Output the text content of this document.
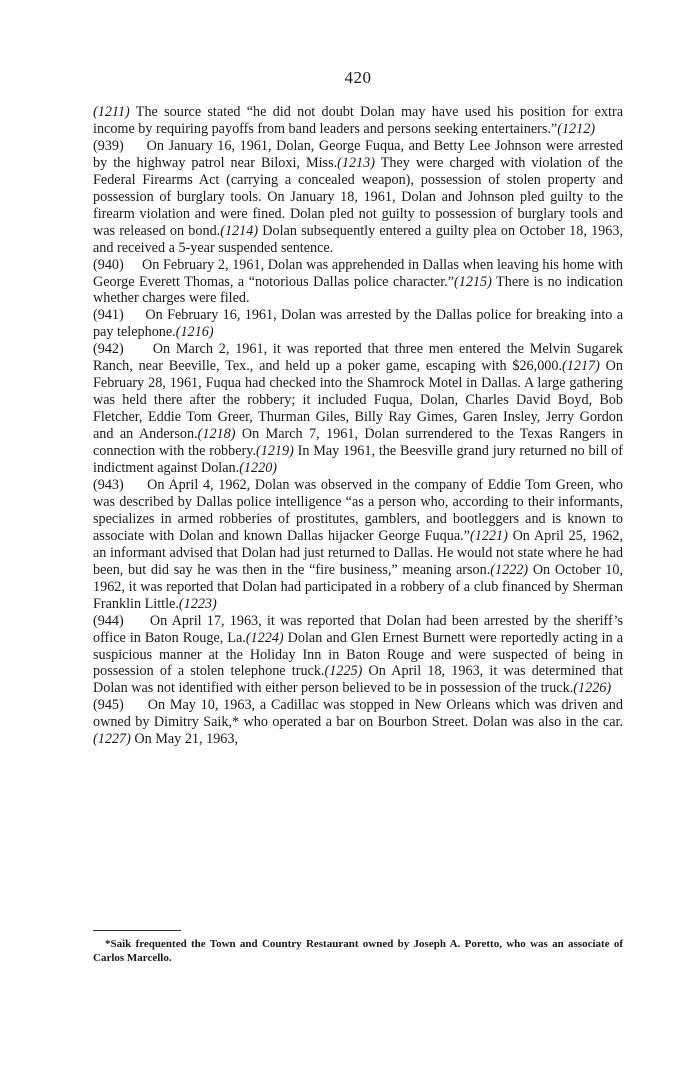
420

(1211) The source stated “he did not doubt Dolan may have used his position for extra income by requiring payoffs from band leaders and persons seeking entertainers.”(1212)

(939)     On January 16, 1961, Dolan, George Fuqua, and Betty Lee Johnson were arrested by the highway patrol near Biloxi, Miss.(1213) They were charged with violation of the Federal Firearms Act (carrying a concealed weapon), possession of stolen property and possession of burglary tools. On January 18, 1961, Dolan and Johnson pled guilty to the firearm violation and were fined. Dolan pled not guilty to possession of burglary tools and was released on bond.(1214) Dolan subsequently entered a guilty plea on October 18, 1963, and received a 5-year suspended sentence.

(940)     On February 2, 1961, Dolan was apprehended in Dallas when leaving his home with George Everett Thomas, a “notorious Dallas police character.”(1215) There is no indication whether charges were filed.

(941)     On February 16, 1961, Dolan was arrested by the Dallas police for breaking into a pay telephone.(1216)

(942)     On March 2, 1961, it was reported that three men entered the Melvin Sugarek Ranch, near Beeville, Tex., and held up a poker game, escaping with $26,000.(1217) On February 28, 1961, Fuqua had checked into the Shamrock Motel in Dallas. A large gathering was held there after the robbery; it included Fuqua, Dolan, Charles David Boyd, Bob Fletcher, Eddie Tom Greer, Thurman Giles, Billy Ray Gimes, Garen Insley, Jerry Gordon and an Anderson.(1218) On March 7, 1961, Dolan surrendered to the Texas Rangers in connection with the robbery.(1219) In May 1961, the Beesville grand jury returned no bill of indictment against Dolan.(1220)

(943)     On April 4, 1962, Dolan was observed in the company of Eddie Tom Green, who was described by Dallas police intelligence “as a person who, according to their informants, specializes in armed robberies of prostitutes, gamblers, and bootleggers and is known to associate with Dolan and known Dallas hijacker George Fuqua.”(1221) On April 25, 1962, an informant advised that Dolan had just returned to Dallas. He would not state where he had been, but did say he was then in the “fire business,” meaning arson.(1222) On October 10, 1962, it was reported that Dolan had participated in a robbery of a club financed by Sherman Franklin Little.(1223)

(944)     On April 17, 1963, it was reported that Dolan had been arrested by the sheriff’s office in Baton Rouge, La.(1224) Dolan and Glen Ernest Burnett were reportedly acting in a suspicious manner at the Holiday Inn in Baton Rouge and were suspected of being in possession of a stolen telephone truck.(1225) On April 18, 1963, it was determined that Dolan was not identified with either person believed to be in possession of the truck.(1226)

(945)     On May 10, 1963, a Cadillac was stopped in New Orleans which was driven and owned by Dimitry Saik,* who operated a bar on Bourbon Street. Dolan was also in the car.(1227) On May 21, 1963,

*Saik frequented the Town and Country Restaurant owned by Joseph A. Poretto, who was an associate of Carlos Marcello.
